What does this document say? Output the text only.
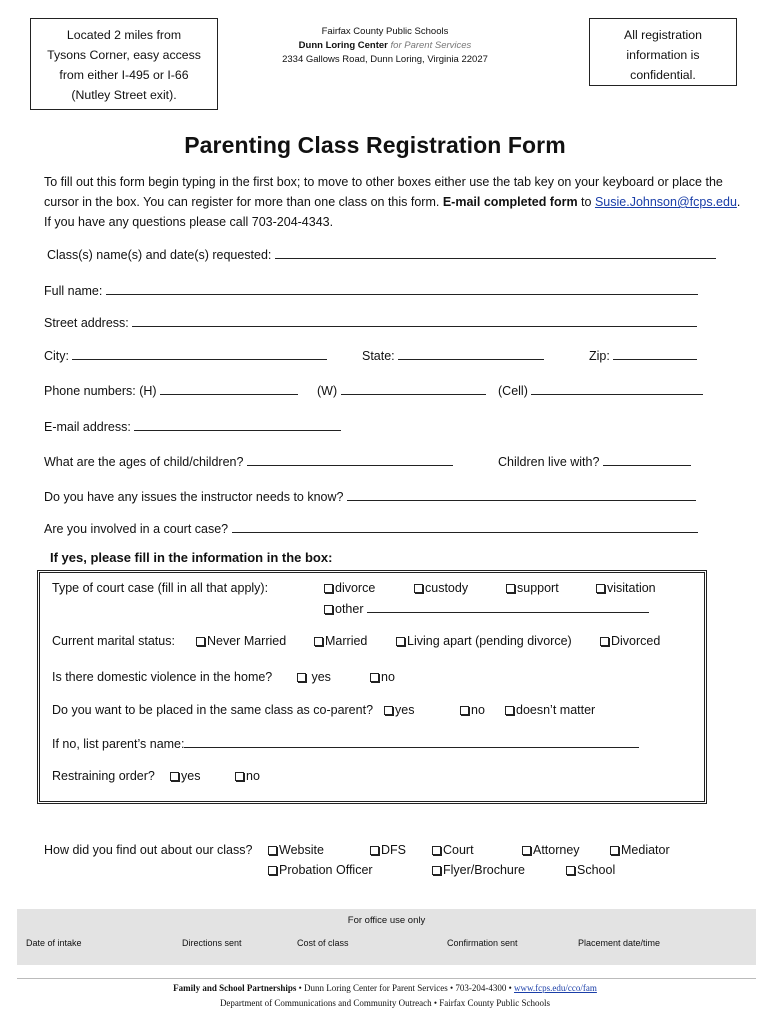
Located 2 miles from
Tysons Corner, easy access
from either I-495 or I-66
(Nutley Street exit).
Fairfax County Public Schools
Dunn Loring Center for Parent Services
2334 Gallows Road, Dunn Loring, Virginia 22027
All registration
information is
confidential.
Parenting Class Registration Form
To fill out this form begin typing in the first box; to move to other boxes either use the tab key on your keyboard or place the cursor in the box. You can register for more than one class on this form. E-mail completed form to Susie.Johnson@fcps.edu. If you have any questions please call 703-204-4343.
Class(s) name(s) and date(s) requested:
Full name:
Street address:
City:	State:	Zip:
Phone numbers: (H)	(W)	(Cell)
E-mail address:
What are the ages of child/children?	Children live with?
Do you have any issues the instructor needs to know?
Are you involved in a court case?
If yes, please fill in the information in the box:
Type of court case (fill in all that apply):	divorce	custody	support	visitation
other
Current marital status:	Never Married	Married	Living apart (pending divorce)	Divorced
Is there domestic violence in the home?	yes	no
Do you want to be placed in the same class as co-parent?	yes	no	doesn’t matter
If no, list parent’s name:
Restraining order?	yes	no
How did you find out about our class?	Website	DFS	Court	Attorney	Mediator
Probation Officer	Flyer/Brochure	School
For office use only
Date of intake	Directions sent	Cost of class	Confirmation sent	Placement date/time
Family and School Partnerships • Dunn Loring Center for Parent Services • 703-204-4300 • www.fcps.edu/cco/fam
Department of Communications and Community Outreach • Fairfax County Public Schools
